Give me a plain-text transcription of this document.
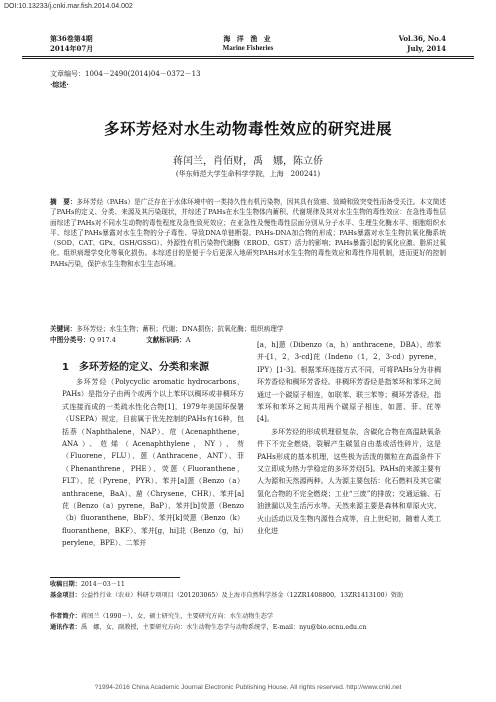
DOI:10.13233/j.cnki.mar.fish.2014.04.002
第36卷第4期
2014年07月
海 洋 渔 业
Marine Fisheries
Vol.36, No.4
July, 2014
文章编号：1004－2490(2014)04－0372－13
·综述·
多环芳烃对水生动物毒性效应的研究进展
蒋闰兰，肖佰财，禹　娜，陈立侨
(华东师范大学生命科学学院，上海　200241)
摘　要：多环芳烃（PAHs）是广泛存在于水体环境中的一类持久性有机污染物，因其具有致癌、致畸和致突变性而备受关注。本文简述了PAHs的定义、分类、来源及其污染现状，并综述了PAHs在水生生物体内蓄积、代谢规律及其对水生生物的毒性效应：在急性毒性层面综述了PAHs对不同水生动物的毒性程度及急性致死效应；在亚急性及慢性毒性层面分别从分子水平、生理生化酶水平、细胞组织水平、综述了PAHs暴露对水生生物的分子毒性、导致DNA单链断裂、PAHs-DNA加合物的形成；PAHs暴露对水生生物抗氧化酶系统（SOD、CAT、GPx、GSH/GSSG）、外源性有机污染物代谢酶（EROD、GST）活力的影响；PAHs暴露引起的氧化应激、脂质过氧化、组织病理学变化等氧化损伤。本综述目的是便于今后更深入地研究PAHs对水生生物的毒性效应和毒性作用机制，进而更好的控制PAHs污染，保护水生生物和水生生态环境。
关键词：多环芳烃；水生生物；蓄积；代谢；DNA损伤；抗氧化酶；组织病理学
中图分类号：Q 917.4	文献标识码：A
1　多环芳烃的定义、分类和来源

多环芳烃（Polycyclic aromatic hydrocarbons，PAHs）是指分子由两个或两个以上苯环以稠环或非稠环方式连接而成的一类疏水性化合物[1]，1979年美国环保署（USEPA）规定，目前属于优先控制的PAHs有16种，包括萘（Naphthalene，NAP）、苊（Acenaphthene，ANA）、苊烯（Acenaphthylene，NY）、芴（Fluorene，FLU）、蒽（Anthracene，ANT）、菲（Phenanthrene，PHE）、荧蒽（Fluoranthene，FLT）、芘（Pyrene，PYR）、苯并[a]蒽（Benzo（a）anthracene，BaA）、䓛（Chrysene，CHR）、苯并[a]芘（Benzo（a）pyrene，BaP）、苯并[b]荧蒽（Benzo（b）fluoranthene，BbF）、苯并[k]荧蒽（Benzo（k）fluoranthene，BKF）、苯并[g，hi]苝（Benzo（g，hi）perylene，BPE）、二苯并

[a，h]蒽（Dibenzo（a，h）anthracene，DBA）、茚苯并-[1，2，3-cd]芘（Indeno（1，2，3-cd）pyrene，IPY）[1-3]。根据苯环连接方式不同，可将PAHs分为非稠环芳香烃和稠环芳香烃。非稠环芳香烃是指苯环和苯环之间通过一个碳原子相连，如联苯、联三苯等；稠环芳香烃，指苯环和苯环之间共用两个碳原子相连，如蒽、菲、芘等[4]。

多环芳烃的形成机理很复杂，含碳化合物在高温缺氧条件下不完全燃烧，裂解产生碳氢自由基或活性碎片，这是PAHs形成的基本机理，这些极为活泼的微粒在高温条件下又立即成为热力学稳定的多环芳烃[5]。PAHs的来源主要有人为源和天然源两种。人为源主要包括：化石燃料及其它碳氢化合物的不完全燃烧；工业“三废”的排放；交通运输、石油泄漏以及生活污水等。天然来源主要是森林和草原火灾、火山活动以及生物内源性合成等，自上世纪初，随着人类工业化进

收稿日期：2014－03－11
基金项目：公益性行业（农业）科研专项项目（201203065）及上海市自然科学基金（12ZR1408800，13ZR1413100）资助
作者简介：蒋闰兰（1990－），女，硕士研究生，主要研究方向：水生动物生态学
通讯作者：禹　娜，女，副教授，主要研究方向：水生动物生态学与动物系统学，E-mail：nyu@bio.ecnu.edu.cn
?1994-2016 China Academic Journal Electronic Publishing House. All rights reserved. http://www.cnki.net
